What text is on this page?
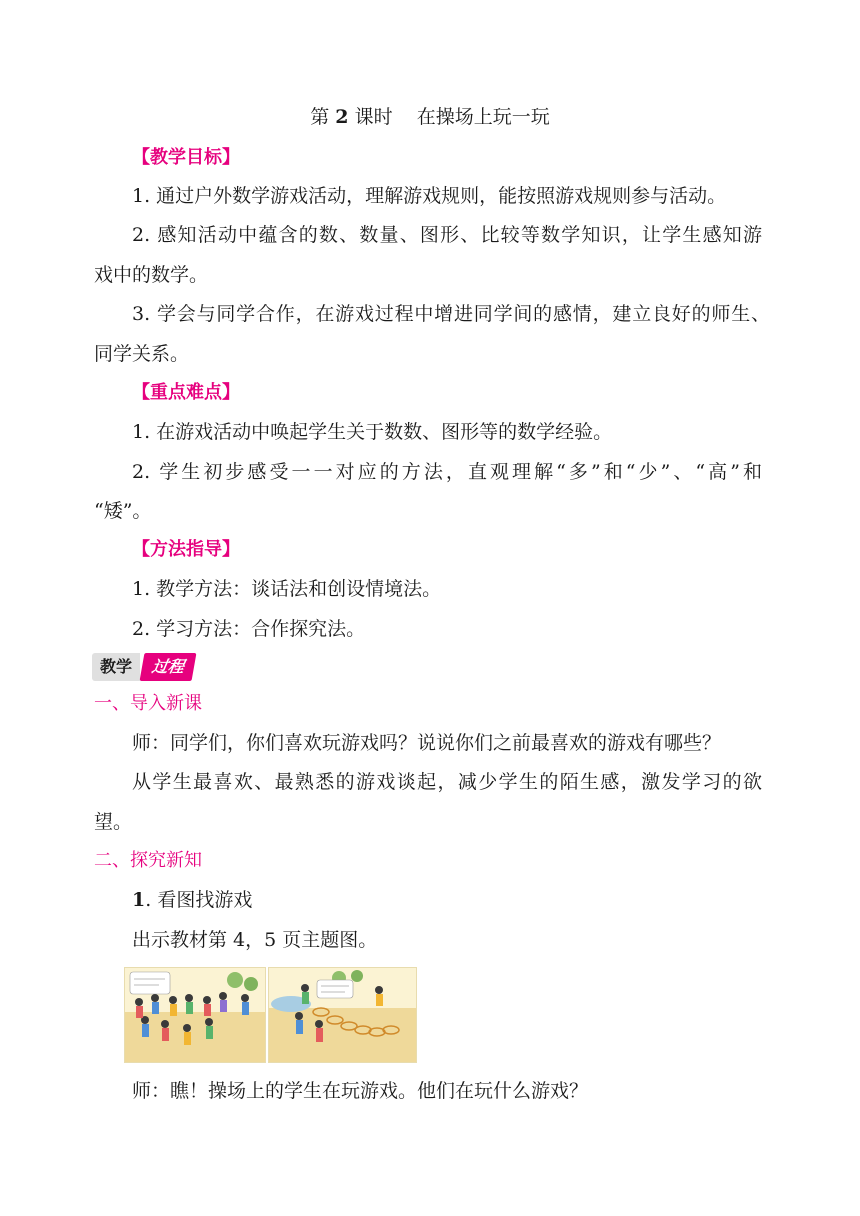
第 2 课时 在操场上玩一玩
【教学目标】
1. 通过户外数学游戏活动，理解游戏规则，能按照游戏规则参与活动。
2. 感知活动中蕴含的数、数量、图形、比较等数学知识，让学生感知游
戏中的数学。
3. 学会与同学合作，在游戏过程中增进同学间的感情，建立良好的师生、
同学关系。
【重点难点】
1. 在游戏活动中唤起学生关于数数、图形等的数学经验。
2. 学生初步感受一一对应的方法，直观理解“多”和“少”、“高”和
“矮”。
【方法指导】
1. 教学方法：谈话法和创设情境法。
2. 学习方法：合作探究法。
教学	过程
一、导入新课
师：同学们，你们喜欢玩游戏吗？说说你们之前最喜欢的游戏有哪些？
从学生最喜欢、最熟悉的游戏谈起，减少学生的陌生感，激发学习的欲
望。
二、探究新知
1. 看图找游戏
出示教材第 4，5 页主题图。
师：瞧！操场上的学生在玩游戏。他们在玩什么游戏？
